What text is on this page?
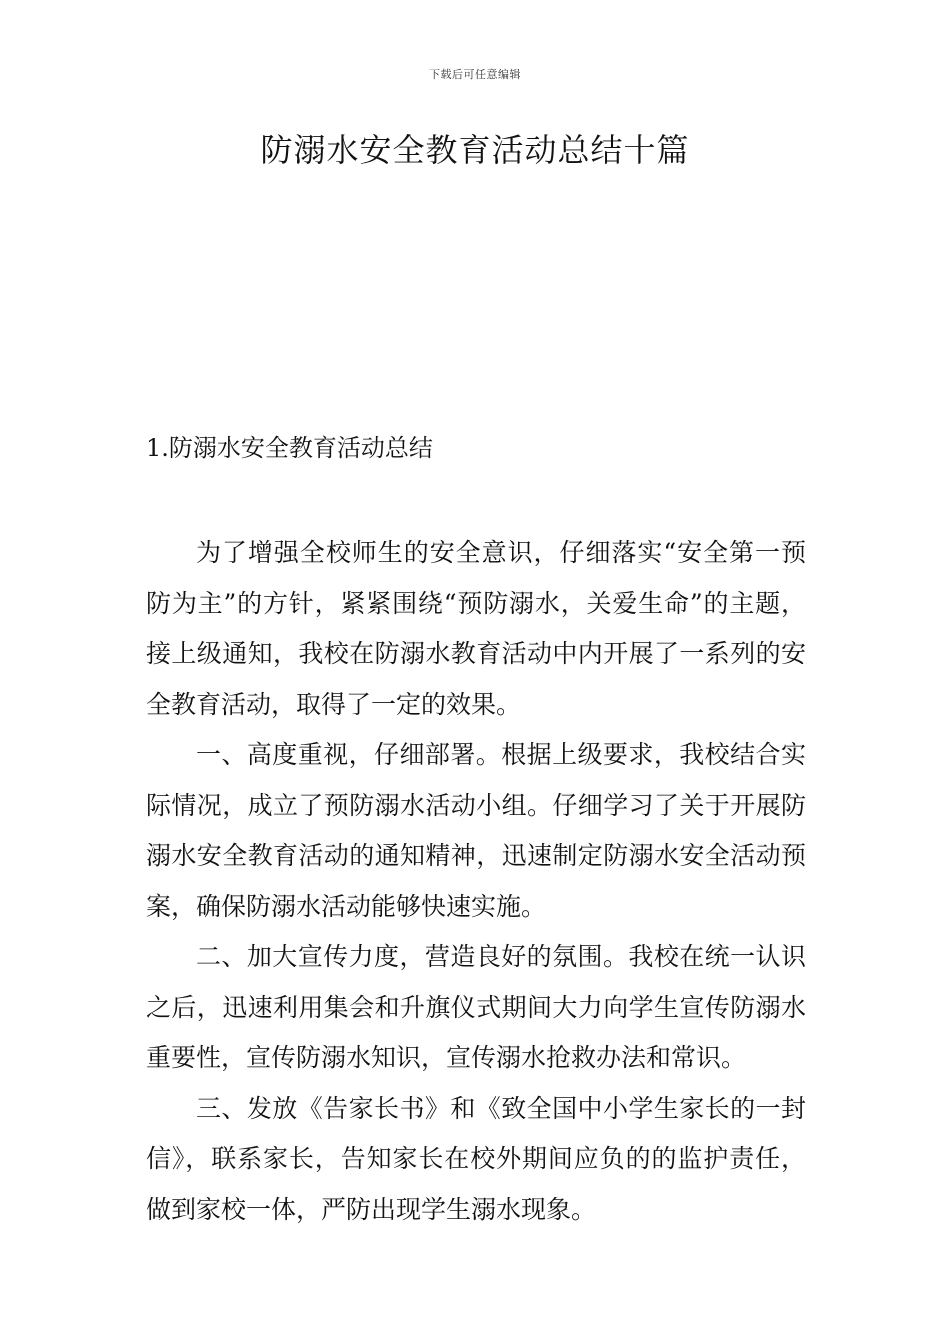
下载后可任意编辑
防溺水安全教育活动总结十篇
1.防溺水安全教育活动总结

为了增强全校师生的安全意识，仔细落实“安全第一预防为主”的方针，紧紧围绕“预防溺水，关爱生命”的主题，接上级通知，我校在防溺水教育活动中内开展了一系列的安全教育活动，取得了一定的效果。

一、高度重视，仔细部署。根据上级要求，我校结合实际情况，成立了预防溺水活动小组。仔细学习了关于开展防溺水安全教育活动的通知精神，迅速制定防溺水安全活动预案，确保防溺水活动能够快速实施。

二、加大宣传力度，营造良好的氛围。我校在统一认识之后，迅速利用集会和升旗仪式期间大力向学生宣传防溺水重要性，宣传防溺水知识，宣传溺水抢救办法和常识。

三、发放《告家长书》和《致全国中小学生家长的一封信》，联系家长，告知家长在校外期间应负的的监护责任，做到家校一体，严防出现学生溺水现象。
